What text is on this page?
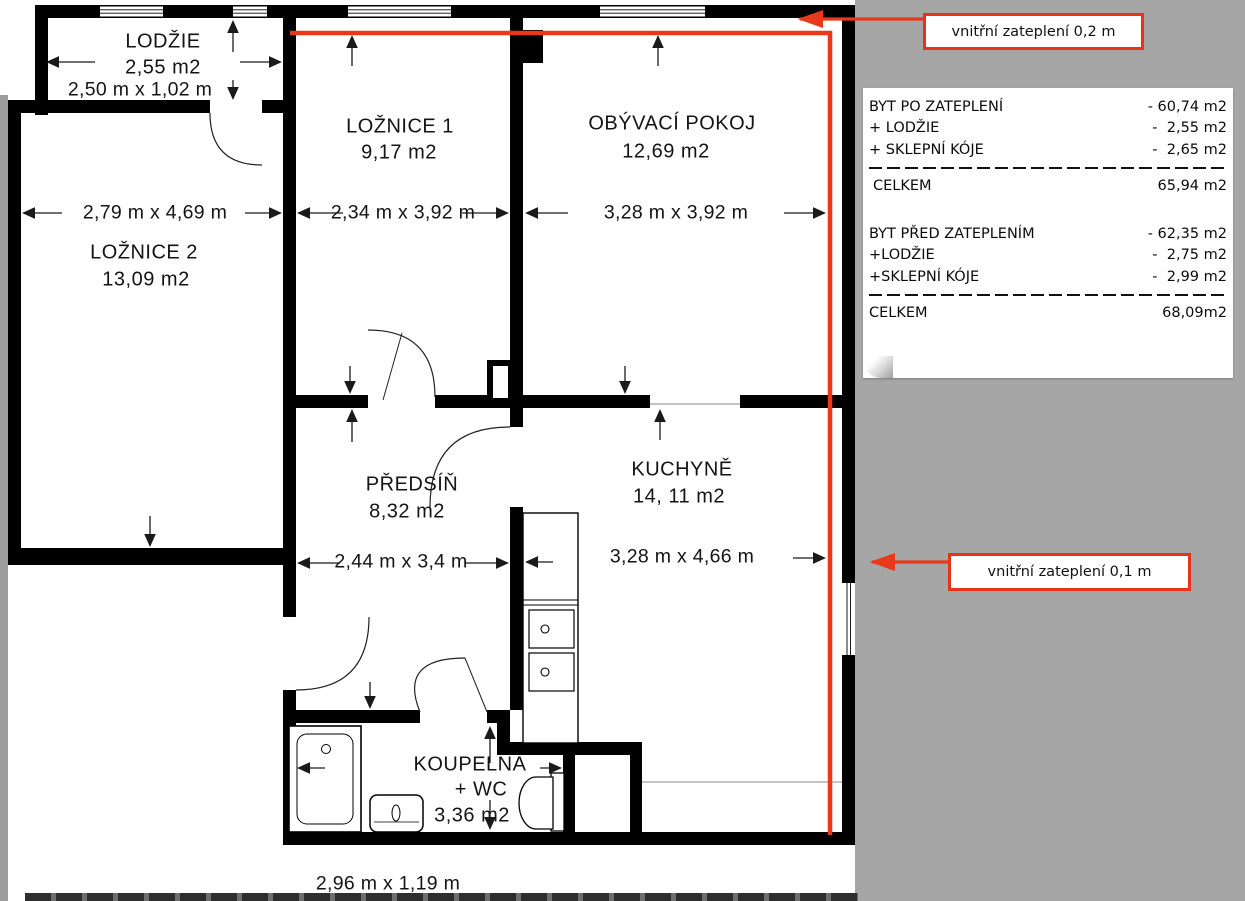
LODŽIE
2,55 m2
2,50 m x 1,02 m
LOŽNICE 1
9,17 m2
2,34 m x 3,92 m
OBÝVACÍ POKOJ
12,69 m2
3,28 m x 3,92 m
2,79 m x 4,69 m
LOŽNICE 2
13,09 m2
PŘEDSÍŇ
8,32 m2
2,44 m x 3,4 m
KUCHYNĚ
14, 11 m2
3,28 m x 4,66 m
KOUPELNA
+ WC
3,36 m2
2,96 m x 1,19 m
vnitřní zateplení 0,2 m
vnitřní zateplení 0,1 m
BYT PO ZATEPLENÍ	- 60,74 m2
+ LODŽIE	-  2,55 m2
+ SKLEPNÍ KÓJE	-  2,65 m2
CELKEM	65,94 m2
BYT PŘED ZATEPLENÍM	- 62,35 m2
+LODŽIE	-  2,75 m2
+SKLEPNÍ KÓJE	-  2,99 m2
CELKEM	68,09m2
